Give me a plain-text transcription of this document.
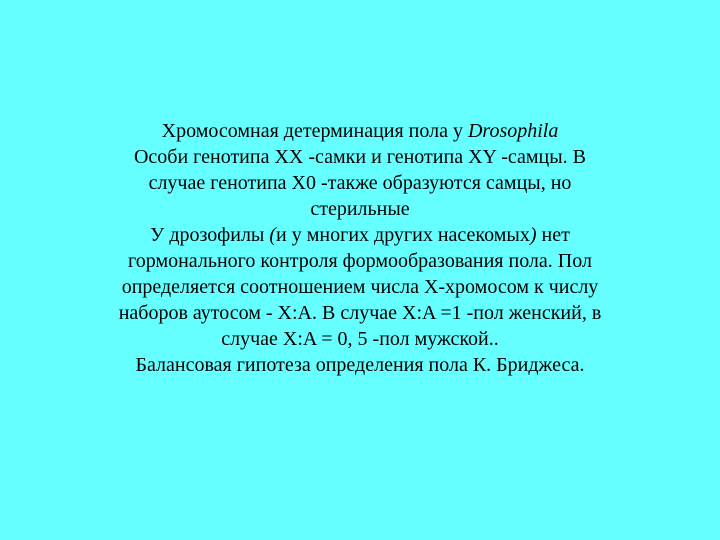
Хромосомная детерминация пола у Drosophila
Особи генотипа XX -самки и генотипа XY -самцы. В
случае генотипа X0 -также образуются самцы, но
стерильные
У дрозофилы (и у многих других насекомых) нет
гормонального контроля формообразования пола. Пол
определяется соотношением числа X-хромосом к числу
наборов аутосом - X:A. В случае X:A =1 -пол женский, в
случае X:A = 0, 5 -пол мужской..
Балансовая гипотеза определения пола К. Бриджеса.
